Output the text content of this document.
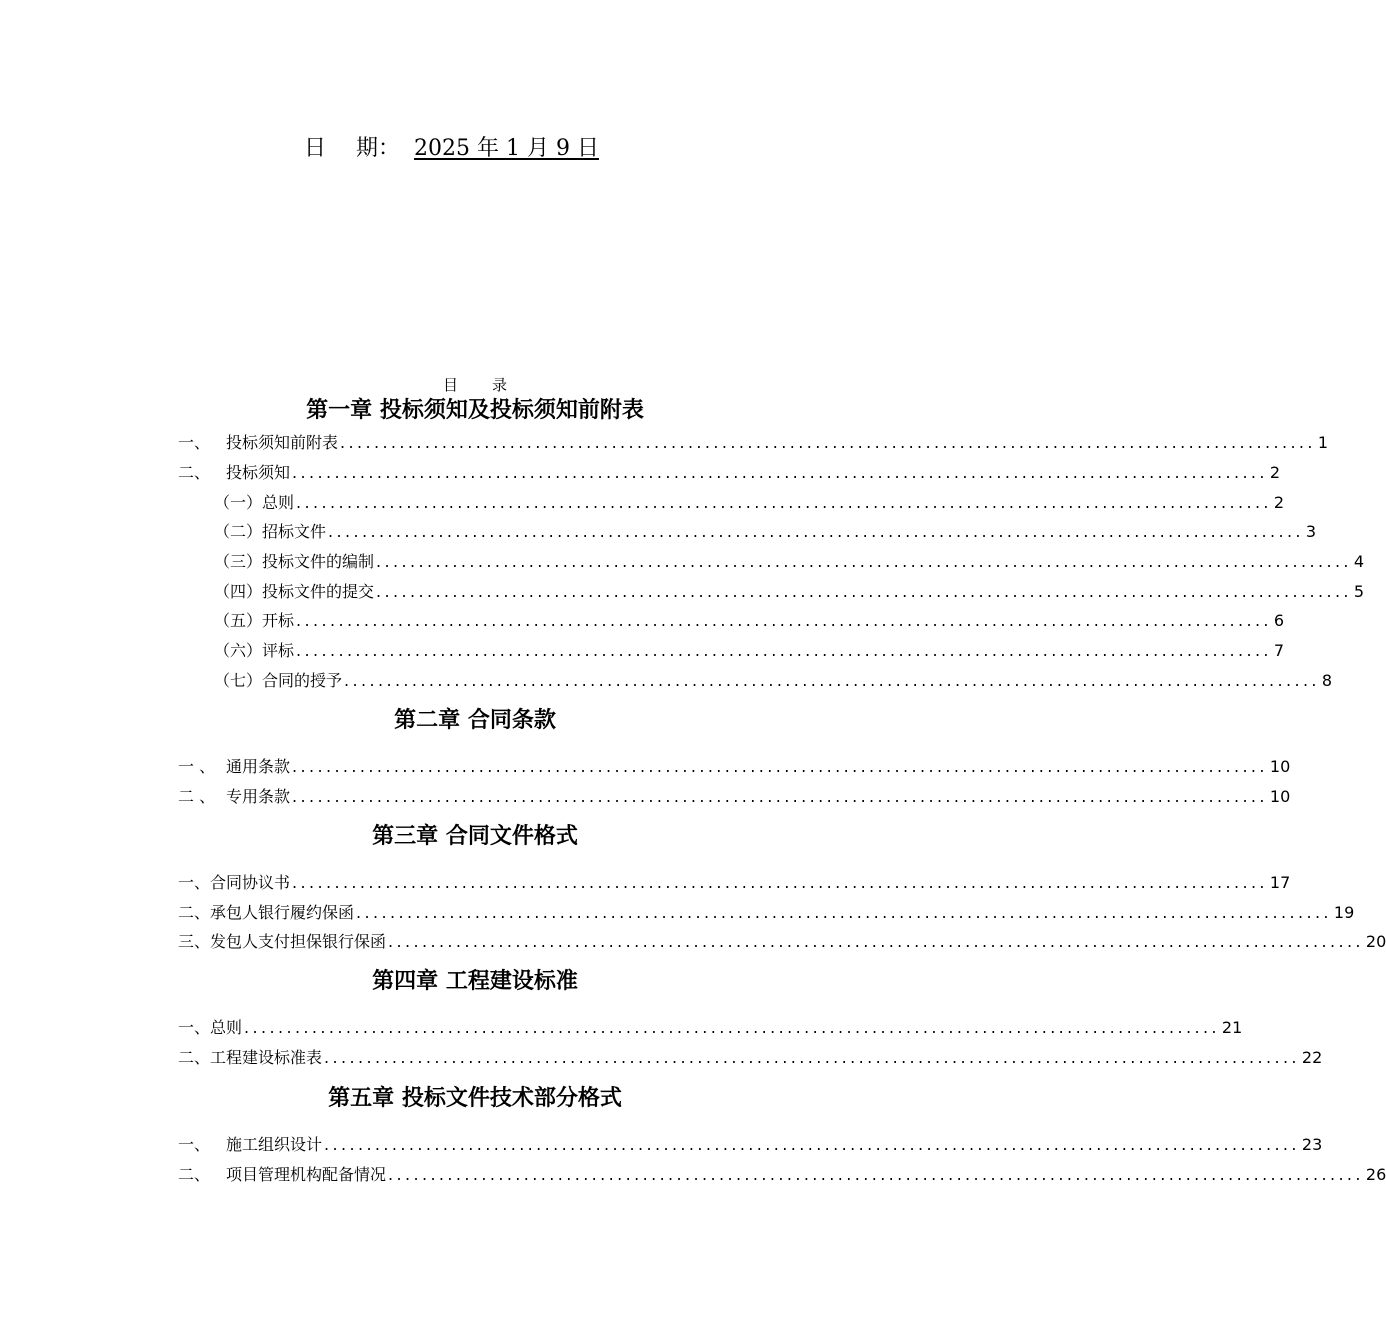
日 期： 2025 年 1 月 9 日
目 录
第一章 投标须知及投标须知前附表
一、 投标须知前附表 ................................................................................................................... 1
二、 投标须知 ................................................................................................................... 2
（一） 总则 ................................................................................................................... 2
（二） 招标文件 ................................................................................................................... 3
（三） 投标文件的编制 ................................................................................................................... 4
（四） 投标文件的提交 ................................................................................................................... 5
（五） 开标 ................................................................................................................... 6
（六） 评标 ................................................................................................................... 7
（七） 合同的授予 ................................................................................................................... 8
第二章 合同条款
一 、 通用条款 ................................................................................................................... 10
二 、 专用条款 ................................................................................................................... 10
第三章 合同文件格式
一、 合同协议书 ................................................................................................................... 17
二、 承包人银行履约保函 ................................................................................................................... 19
三、 发包人支付担保银行保函 ................................................................................................................... 20
第四章 工程建设标准
一、 总则 ................................................................................................................... 21
二、 工程建设标准表 ................................................................................................................... 22
第五章 投标文件技术部分格式
一、 施工组织设计 ................................................................................................................... 23
二、 项目管理机构配备情况 ................................................................................................................... 26
